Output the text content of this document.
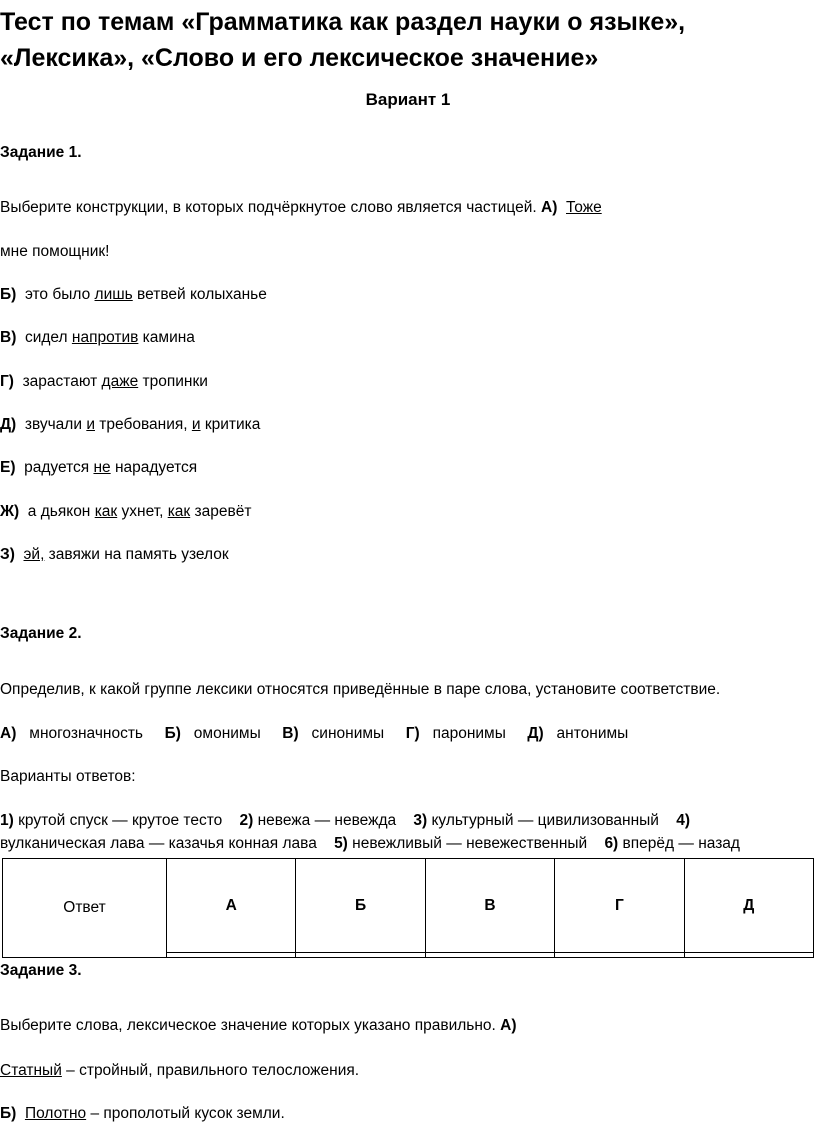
Тест по темам «Грамматика как раздел науки о языке»,
«Лексика», «Слово и его лексическое значение»
Вариант 1
Задание 1.
Выберите конструкции, в которых подчёркнутое слово является частицей. А) Тоже
мне помощник!
Б) это было лишь ветвей колыханье
В) сидел напротив камина
Г) зарастают даже тропинки
Д) звучали и требования, и критика
Е) радуется не нарадуется
Ж) а дьякон как ухнет, как заревёт
З) эй, завяжи на память узелок
Задание 2.
Определив, к какой группе лексики относятся приведённые в паре слова, установите соответствие.
А) многозначность Б) омонимы В) синонимы Г) паронимы Д) антонимы
Варианты ответов:
1) крутой спуск — крутое тесто 2) невежа — невежда 3) культурный — цивилизованный 4)
вулканическая лава — казачья конная лава 5) невежливый — невежественный 6) вперёд — назад
Ответ	А	Б	В	Г	Д

Задание 3.
Выберите слова, лексическое значение которых указано правильно. А)
Статный – стройный, правильного телосложения.
Б) Полотно – прополотый кусок земли.
